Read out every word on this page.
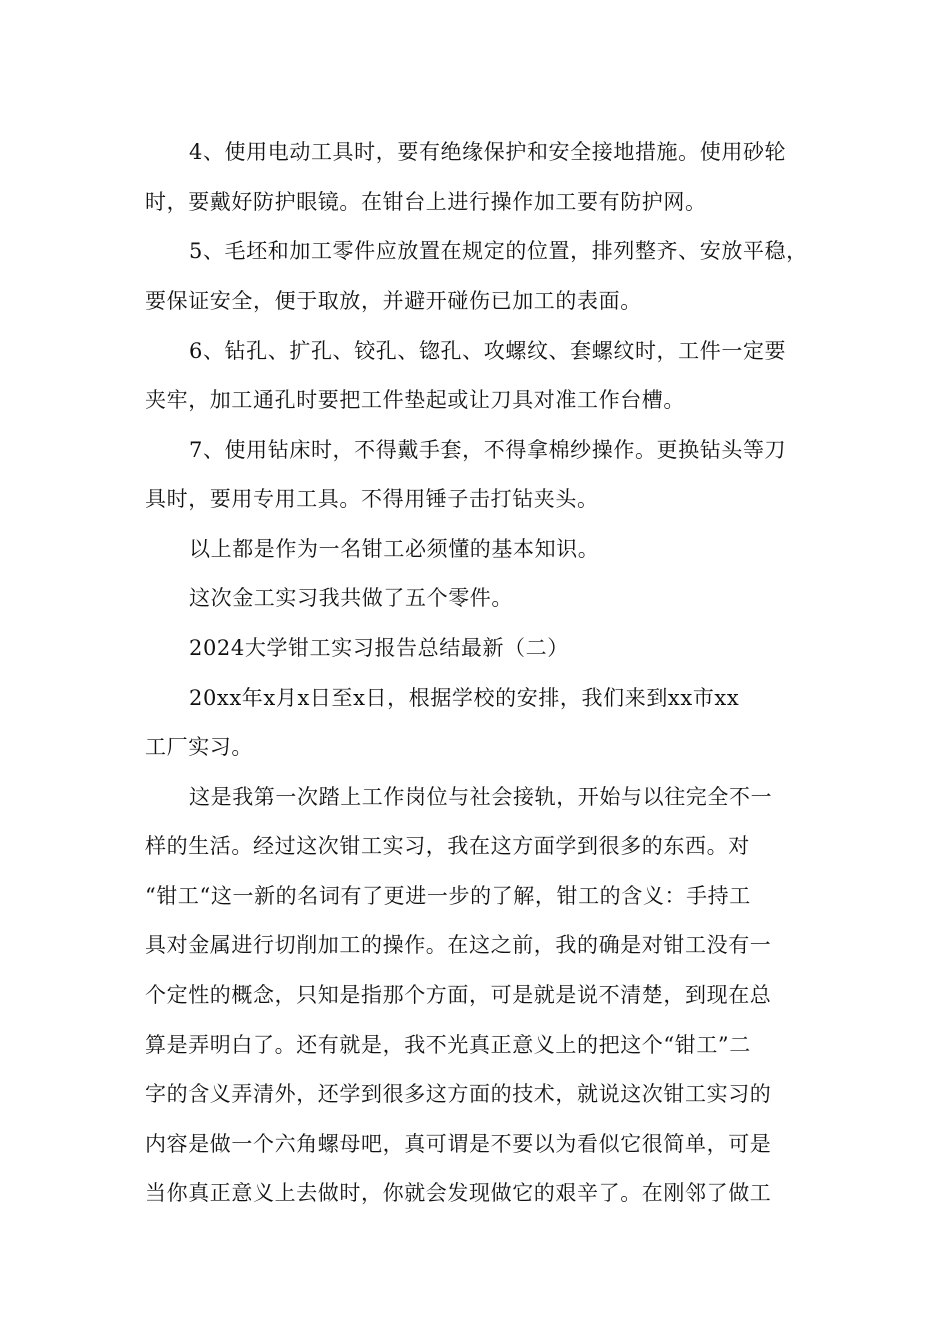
4、使用电动工具时，要有绝缘保护和安全接地措施。使用砂轮
时，要戴好防护眼镜。在钳台上进行操作加工要有防护网。
5、毛坯和加工零件应放置在规定的位置，排列整齐、安放平稳，
要保证安全，便于取放，并避开碰伤已加工的表面。
6、钻孔、扩孔、铰孔、锪孔、攻螺纹、套螺纹时，工件一定要
夹牢，加工通孔时要把工件垫起或让刀具对准工作台槽。
7、使用钻床时，不得戴手套，不得拿棉纱操作。更换钻头等刀
具时，要用专用工具。不得用锤子击打钻夹头。
以上都是作为一名钳工必须懂的基本知识。
这次金工实习我共做了五个零件。
2024大学钳工实习报告总结最新（二）
20xx年x月x日至x日，根据学校的安排，我们来到xx市xx
工厂实习。
这是我第一次踏上工作岗位与社会接轨，开始与以往完全不一
样的生活。经过这次钳工实习，我在这方面学到很多的东西。对
“钳工“这一新的名词有了更进一步的了解，钳工的含义：手持工
具对金属进行切削加工的操作。在这之前，我的确是对钳工没有一
个定性的概念，只知是指那个方面，可是就是说不清楚，到现在总
算是弄明白了。还有就是，我不光真正意义上的把这个“钳工”二
字的含义弄清外，还学到很多这方面的技术，就说这次钳工实习的
内容是做一个六角螺母吧，真可谓是不要以为看似它很简单，可是
当你真正意义上去做时，你就会发现做它的艰辛了。在刚邻了做工
